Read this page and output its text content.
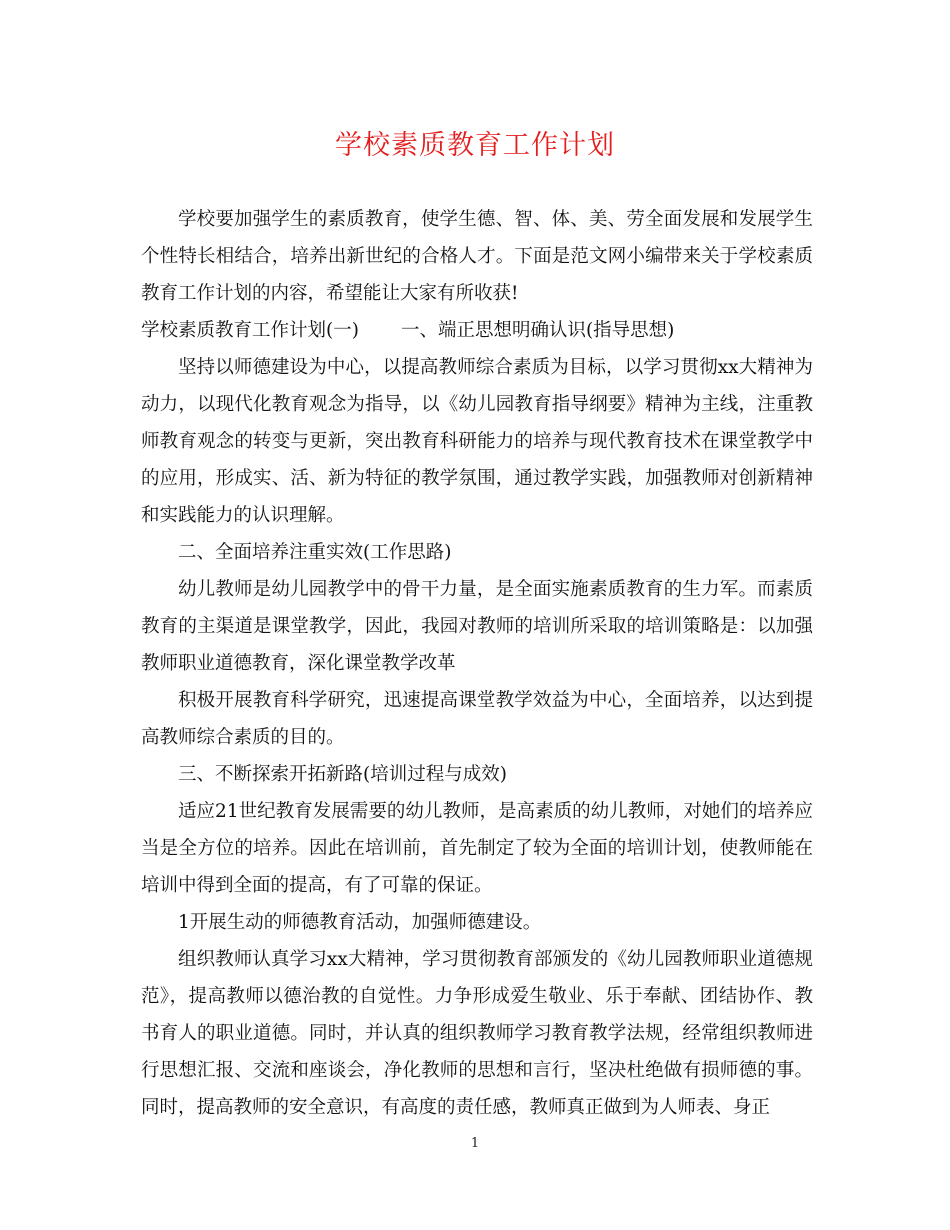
学校素质教育工作计划

学校要加强学生的素质教育，使学生德、智、体、美、劳全面发展和发展学生个性特长相结合，培养出新世纪的合格人才。下面是范文网小编带来关于学校素质教育工作计划的内容，希望能让大家有所收获!

学校素质教育工作计划(一) 一、端正思想明确认识(指导思想)

坚持以师德建设为中心，以提高教师综合素质为目标，以学习贯彻xx大精神为动力，以现代化教育观念为指导，以《幼儿园教育指导纲要》精神为主线，注重教师教育观念的转变与更新，突出教育科研能力的培养与现代教育技术在课堂教学中的应用，形成实、活、新为特征的教学氛围，通过教学实践，加强教师对创新精神和实践能力的认识理解。

二、全面培养注重实效(工作思路)

幼儿教师是幼儿园教学中的骨干力量，是全面实施素质教育的生力军。而素质教育的主渠道是课堂教学，因此，我园对教师的培训所采取的培训策略是：以加强教师职业道德教育，深化课堂教学改革

积极开展教育科学研究，迅速提高课堂教学效益为中心，全面培养，以达到提高教师综合素质的目的。

三、不断探索开拓新路(培训过程与成效)

适应21世纪教育发展需要的幼儿教师，是高素质的幼儿教师，对她们的培养应当是全方位的培养。因此在培训前，首先制定了较为全面的培训计划，使教师能在培训中得到全面的提高，有了可靠的保证。

1开展生动的师德教育活动，加强师德建设。

组织教师认真学习xx大精神，学习贯彻教育部颁发的《幼儿园教师职业道德规范》，提高教师以德治教的自觉性。力争形成爱生敬业、乐于奉献、团结协作、教书育人的职业道德。同时，并认真的组织教师学习教育教学法规，经常组织教师进行思想汇报、交流和座谈会，净化教师的思想和言行，坚决杜绝做有损师德的事。同时，提高教师的安全意识，有高度的责任感，教师真正做到为人师表、身正

1
